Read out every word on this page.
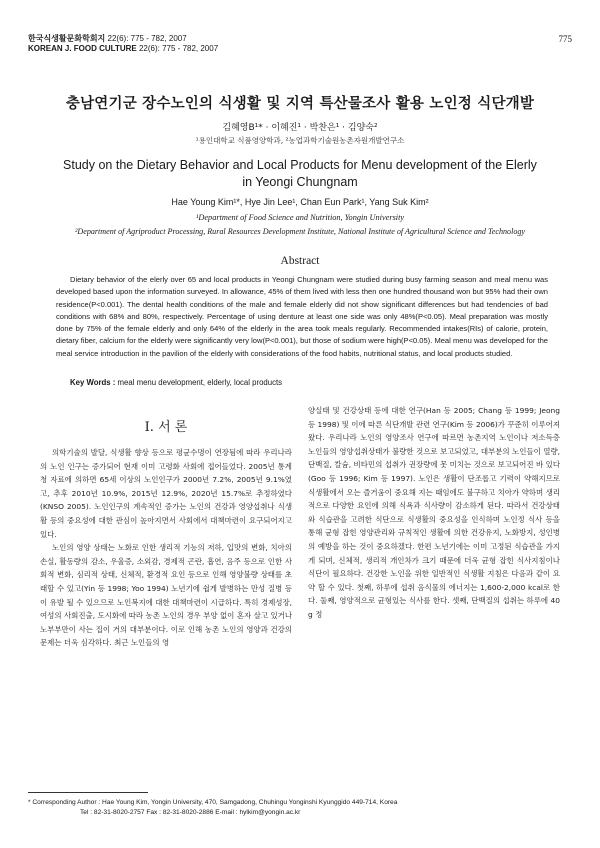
한국식생활문화학회지 22(6): 775 - 782, 2007
KOREAN J. FOOD CULTURE 22(6): 775 - 782, 2007
775
충남연기군 장수노인의 식생활 및 지역 특산물조사 활용 노인정 식단개발
김혜영B¹* · 이혜진¹ · 박찬은¹ · 김양숙²
¹용인대학교 식품영양학과, ²농업과학기술원농촌자원개발연구소
Study on the Dietary Behavior and Local Products for Menu development of the Elerly in Yeongi Chungnam
Hae Young Kim¹*, Hye Jin Lee¹, Chan Eun Park¹, Yang Suk Kim²
¹Department of Food Science and Nutrition, Yongin University
²Department of Agriproduct Processing, Rural Resources Development Institute, National Institute of Agricultural Science and Technology
Abstract
Dietary behavior of the elerly over 65 and local products in Yeongi Chungnam were studied during busy farming season and meal menu was developed based upon the information surveyed. In allowance, 45% of them lived with less then one hundred thousand won but 95% had their own residence(P<0.001). The dental health conditions of the male and female elderly did not show significant differences but had tendencies of bad conditions with 68% and 80%, respectively. Percentage of using denture at least one side was only 48%(P<0.05). Meal preparation was mostly done by 75% of the female elderly and only 64% of the elderly in the area took meals regularly. Recommended intakes(RIs) of calorie, protein, dietary fiber, calcium for the elderly were significantly very low(P<0.001), but those of sodium were high(P<0.05). Meal menu was developed for the meal service introduction in the pavilion of the elderly with considerations of the food habits, nutritional status, and local products studied.
Key Words : meal menu development, elderly, local products
Ⅰ. 서 론

의학기술의 발달, 식생활 향상 등으로 평균수명이 연장됨에 따라 우리나라의 노인 인구는 증가되어 현재 이미 고령화 사회에 접어들었다. 2005년 통계청 자료에 의하면 65세 이상의 노인인구가 2000년 7.2%, 2005년 9.1%였고, 추후 2010년 10.9%, 2015년 12.9%, 2020년 15.7%로 추정하였다(KNSO 2005). 노인인구의 계속적인 증가는 노인의 건강과 영양섭취나 식생활 등의 중요성에 대한 관심이 높아지면서 사회에서 대책마련이 요구되어지고 있다.

노인의 영양 상태는 노화로 인한 생리적 기능의 저하, 입맛의 변화, 치아의 손실, 활동량의 감소, 우울증, 소외감, 경제적 곤란, 흡연, 음주 등으로 인한 사회적 변화, 심리적 상태, 신체적, 환경적 요인 등으로 인해 영양불량 상태를 초래할 수 있고(Yin 등 1998; Yoo 1994) 노년기에 쉽게 발병하는 만성 질병 등이 유발 될 수 있으므로 노인복지에 대한 대책마련이 시급하다. 특히 경제성장, 여성의 사회진출, 도시화에 따라 농촌 노인의 경우 부양 없이 혼자 살고 있거나 노부부만이 사는 집이 거의 대부분이다. 이로 인해 농촌 노인의 영양과 건강의 문제는 더욱 심각하다. 최근 노인들의 영

양실태 및 건강상태 등에 대한 연구(Han 등 2005; Chang 등 1999; Jeong 등 1998) 및 이에 따른 식단개발 관련 연구(Kim 등 2006)가 꾸준히 이루어져 왔다. 우리나라 노인의 영양조사 연구에 따르면 농촌지역 노인이나 저소득층 노인들의 영양섭취상태가 불량한 것으로 보고되었고, 대부분의 노인들이 열량, 단백질, 칼슘, 비타민의 섭취가 권장량에 못 미치는 것으로 보고되어진 바 있다(Goo 등 1996; Kim 등 1997). 노인은 생활이 단조롭고 기력이 약해지므로 식생활에서 오는 즐거움이 중요해 지는 때임에도 불구하고 치아가 약하며 생리적으로 다양한 요인에 의해 식욕과 식사량이 감소하게 된다. 따라서 건강상태와 식습관을 고려한 식단으로 식생활의 중요성을 인식하며 노인정 식사 등을 통해 균형 잡힌 영양관리와 규칙적인 생활에 의한 건강유지, 노화방지, 성인병의 예방을 하는 것이 중요하겠다. 한편 노년기에는 이미 고정된 식습관을 가지게 되며, 신체적, 생리적 개인차가 크기 때문에 더욱 균형 잡힌 식사지침이나 식단이 필요하다. 건강한 노인을 위한 일반적인 식생활 지침은 다음과 같이 요약 할 수 있다. 첫째, 하루에 섭취 음식물의 에너지는 1,600-2,000 kcal로 한다. 둘째, 영양적으로 균형있는 식사를 한다. 셋째, 단백질의 섭취는 하루에 40 g 정

* Corresponding Author : Hae Young Kim, Yongin University, 470, Samgadong, Chuhingu Yonginshi Kyunggido 449-714, Korea
Tel : 82-31-8020-2757 Fax : 82-31-8020-2886 E-mail : hylkim@yongin.ac.kr
